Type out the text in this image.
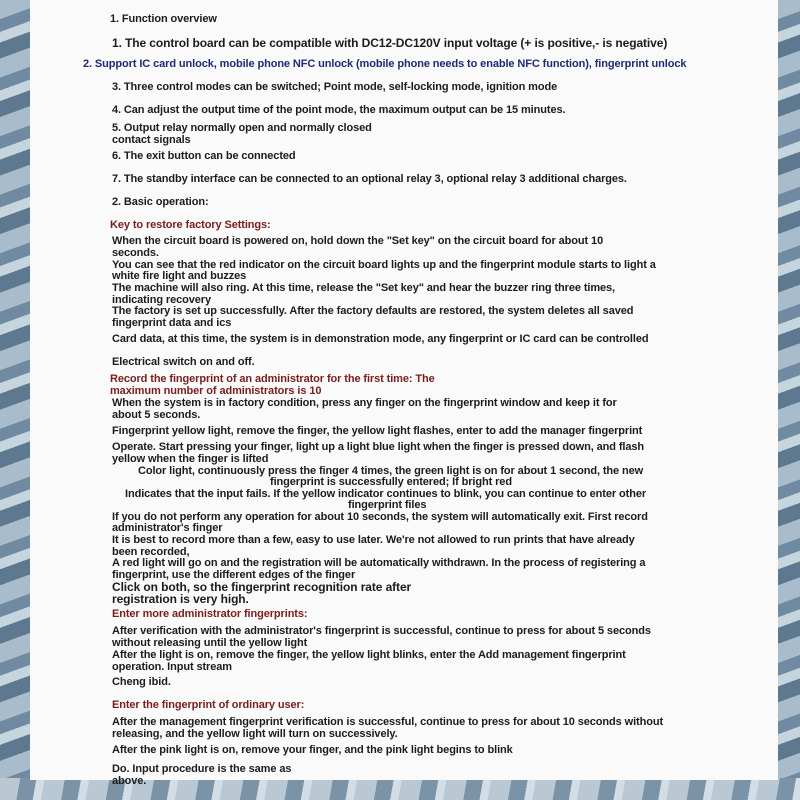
1. Function overview

1. The control board can be compatible with DC12-DC120V input voltage (+ is positive,- is negative)

2. Support IC card unlock, mobile phone NFC unlock (mobile phone needs to enable NFC function), fingerprint unlock

3. Three control modes can be switched; Point mode, self-locking mode, ignition mode

4. Can adjust the output time of the point mode, the maximum output can be 15 minutes.

5. Output relay normally open and normally closed

contact signals

6. The exit button can be connected

7. The standby interface can be connected to an optional relay 3, optional relay 3 additional charges.

2. Basic operation:

Key to restore factory Settings:

When the circuit board is powered on, hold down the "Set key" on the circuit board for about 10

seconds.

You can see that the red indicator on the circuit board lights up and the fingerprint module starts to light a

white fire light and buzzes

The machine will also ring. At this time, release the "Set key" and hear the buzzer ring three times,

indicating recovery

The factory is set up successfully. After the factory defaults are restored, the system deletes all saved

fingerprint data and ics

Card data, at this time, the system is in demonstration mode, any fingerprint or IC card can be controlled

Electrical switch on and off.

Record the fingerprint of an administrator for the first time: The

maximum number of administrators is 10

When the system is in factory condition, press any finger on the fingerprint window and keep it for

about 5 seconds.

Fingerprint yellow light, remove the finger, the yellow light flashes, enter to add the manager fingerprint

Operate. Start pressing your finger, light up a light blue light when the finger is pressed down, and flash

yellow when the finger is lifted

Color light, continuously press the finger 4 times, the green light is on for about 1 second, the new

fingerprint is successfully entered; If bright red

Indicates that the input fails. If the yellow indicator continues to blink, you can continue to enter other

fingerprint files

If you do not perform any operation for about 10 seconds, the system will automatically exit. First record

administrator's finger

It is best to record more than a few, easy to use later. We're not allowed to run prints that have already

been recorded,

A red light will go on and the registration will be automatically withdrawn. In the process of registering a

fingerprint, use the different edges of the finger

Click on both, so the fingerprint recognition rate after

registration is very high.

Enter more administrator fingerprints:

After verification with the administrator's fingerprint is successful, continue to press for about 5 seconds

without releasing until the yellow light

After the light is on, remove the finger, the yellow light blinks, enter the Add management fingerprint

operation. Input stream

Cheng ibid.

Enter the fingerprint of ordinary user:

After the management fingerprint verification is successful, continue to press for about 10 seconds without

releasing, and the yellow light will turn on successively.

After the pink light is on, remove your finger, and the pink light begins to blink

Do. Input procedure is the same as

above.
